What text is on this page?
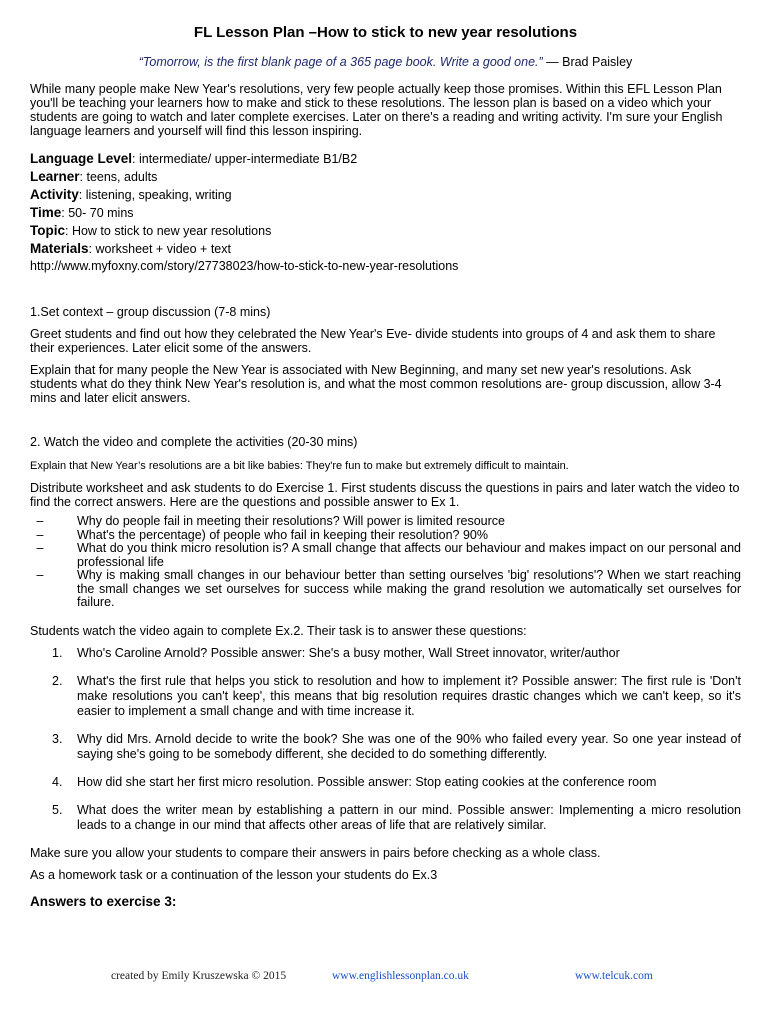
FL Lesson Plan –How to stick to new year resolutions
“Tomorrow, is the first blank page of a 365 page book. Write a good one.” — Brad Paisley

While many people make New Year's resolutions, very few people actually keep those promises. Within this EFL Lesson Plan you'll be teaching your learners how to make and stick to these resolutions. The lesson plan is based on a video which your students are going to watch and later complete exercises. Later on there's a reading and writing activity. I'm sure your English language learners and yourself will find this lesson inspiring.

Language Level: intermediate/ upper-intermediate B1/B2
Learner: teens, adults
Activity: listening, speaking, writing
Time: 50- 70 mins
Topic: How to stick to new year resolutions
Materials: worksheet + video + text
http://www.myfoxny.com/story/27738023/how-to-stick-to-new-year-resolutions

1.Set context – group discussion (7-8 mins)

Greet students and find out how they celebrated the New Year's Eve- divide students into groups of 4 and ask them to share their experiences. Later elicit some of the answers.

Explain that for many people the New Year is associated with New Beginning, and many set new year's resolutions. Ask students what do they think New Year's resolution is, and what the most common resolutions are- group discussion, allow 3-4 mins and later elicit answers.

2. Watch the video and complete the activities (20-30 mins)

Explain that New Year’s resolutions are a bit like babies: They're fun to make but extremely difficult to maintain.

Distribute worksheet and ask students to do Exercise 1. First students discuss the questions in pairs and later watch the video to find the correct answers. Here are the questions and possible answer to Ex 1.

–	Why do people fail in meeting their resolutions? Will power is limited resource
–	What's the percentage) of people who fail in keeping their resolution? 90%
–	What do you think micro resolution is? A small change that affects our behaviour and makes impact on our personal and professional life
–	Why is making small changes in our behaviour better than setting ourselves 'big' resolutions'? When we start reaching the small changes we set ourselves for success while making the grand resolution we automatically set ourselves for failure.

Students watch the video again to complete Ex.2. Their task is to answer these questions:

1. Who's Caroline Arnold? Possible answer: She's a busy mother, Wall Street innovator, writer/author
2. What's the first rule that helps you stick to resolution and how to implement it? Possible answer: The first rule is 'Don't make resolutions you can't keep', this means that big resolution requires drastic changes which we can't keep, so it's easier to implement a small change and with time increase it.
3. Why did Mrs. Arnold decide to write the book? She was one of the 90% who failed every year. So one year instead of saying she's going to be somebody different, she decided to do something differently.
4. How did she start her first micro resolution. Possible answer: Stop eating cookies at the conference room
5. What does the writer mean by establishing a pattern in our mind. Possible answer: Implementing a micro resolution leads to a change in our mind that affects other areas of life that are relatively similar.

Make sure you allow your students to compare their answers in pairs before checking as a whole class.

As a homework task or a continuation of the lesson your students do Ex.3

Answers to exercise 3:

created by Emily Kruszewska © 2015	www.englishlessonplan.co.uk	www.telcuk.com
